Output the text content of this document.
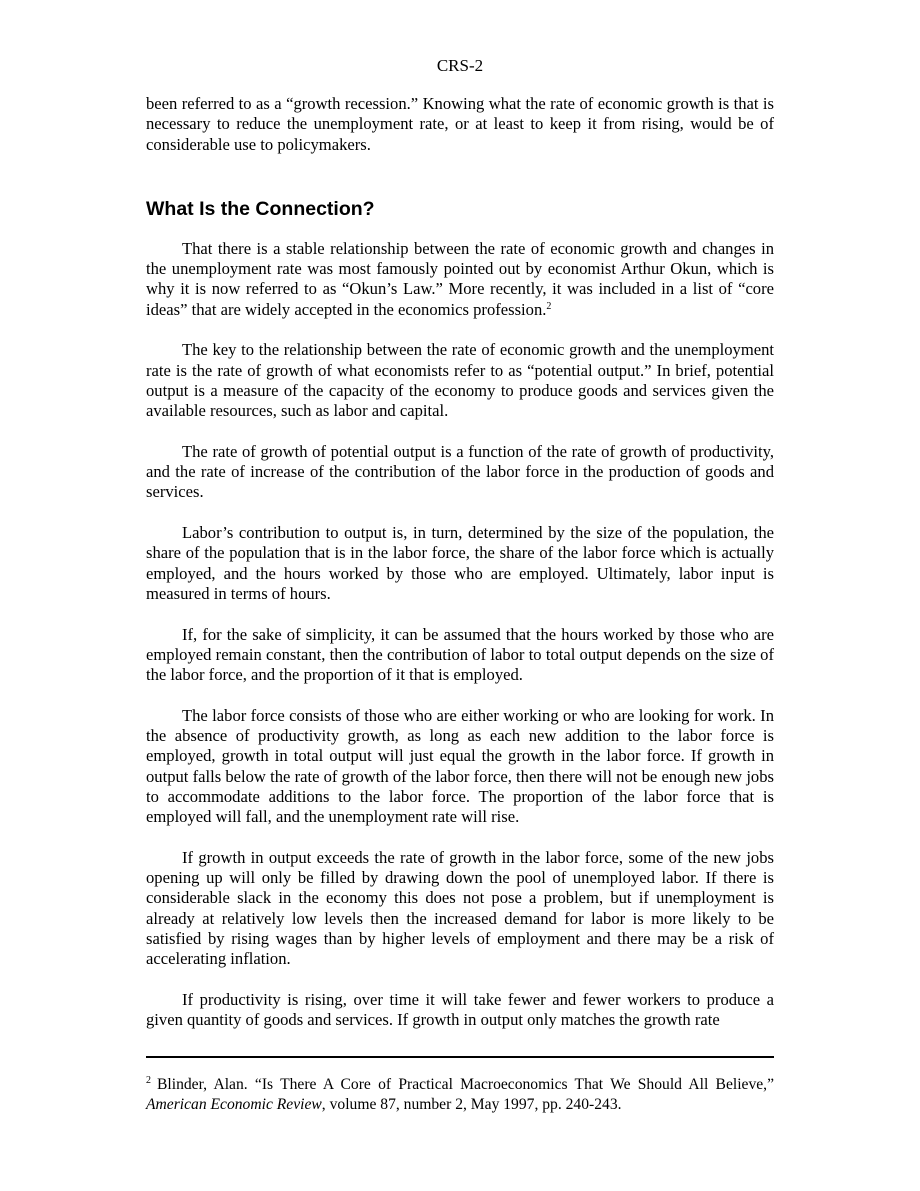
CRS-2

been referred to as a “growth recession.” Knowing what the rate of economic growth is that is necessary to reduce the unemployment rate, or at least to keep it from rising, would be of considerable use to policymakers.

What Is the Connection?

That there is a stable relationship between the rate of economic growth and changes in the unemployment rate was most famously pointed out by economist Arthur Okun, which is why it is now referred to as “Okun’s Law.” More recently, it was included in a list of “core ideas” that are widely accepted in the economics profession.$^2$

The key to the relationship between the rate of economic growth and the unemployment rate is the rate of growth of what economists refer to as “potential output.” In brief, potential output is a measure of the capacity of the economy to produce goods and services given the available resources, such as labor and capital.

The rate of growth of potential output is a function of the rate of growth of productivity, and the rate of increase of the contribution of the labor force in the production of goods and services.

Labor’s contribution to output is, in turn, determined by the size of the population, the share of the population that is in the labor force, the share of the labor force which is actually employed, and the hours worked by those who are employed. Ultimately, labor input is measured in terms of hours.

If, for the sake of simplicity, it can be assumed that the hours worked by those who are employed remain constant, then the contribution of labor to total output depends on the size of the labor force, and the proportion of it that is employed.

The labor force consists of those who are either working or who are looking for work. In the absence of productivity growth, as long as each new addition to the labor force is employed, growth in total output will just equal the growth in the labor force. If growth in output falls below the rate of growth of the labor force, then there will not be enough new jobs to accommodate additions to the labor force. The proportion of the labor force that is employed will fall, and the unemployment rate will rise.

If growth in output exceeds the rate of growth in the labor force, some of the new jobs opening up will only be filled by drawing down the pool of unemployed labor. If there is considerable slack in the economy this does not pose a problem, but if unemployment is already at relatively low levels then the increased demand for labor is more likely to be satisfied by rising wages than by higher levels of employment and there may be a risk of accelerating inflation.

If productivity is rising, over time it will take fewer and fewer workers to produce a given quantity of goods and services. If growth in output only matches the growth rate

$^2$ Blinder, Alan. “Is There A Core of Practical Macroeconomics That We Should All Believe,” American Economic Review, volume 87, number 2, May 1997, pp. 240-243.
